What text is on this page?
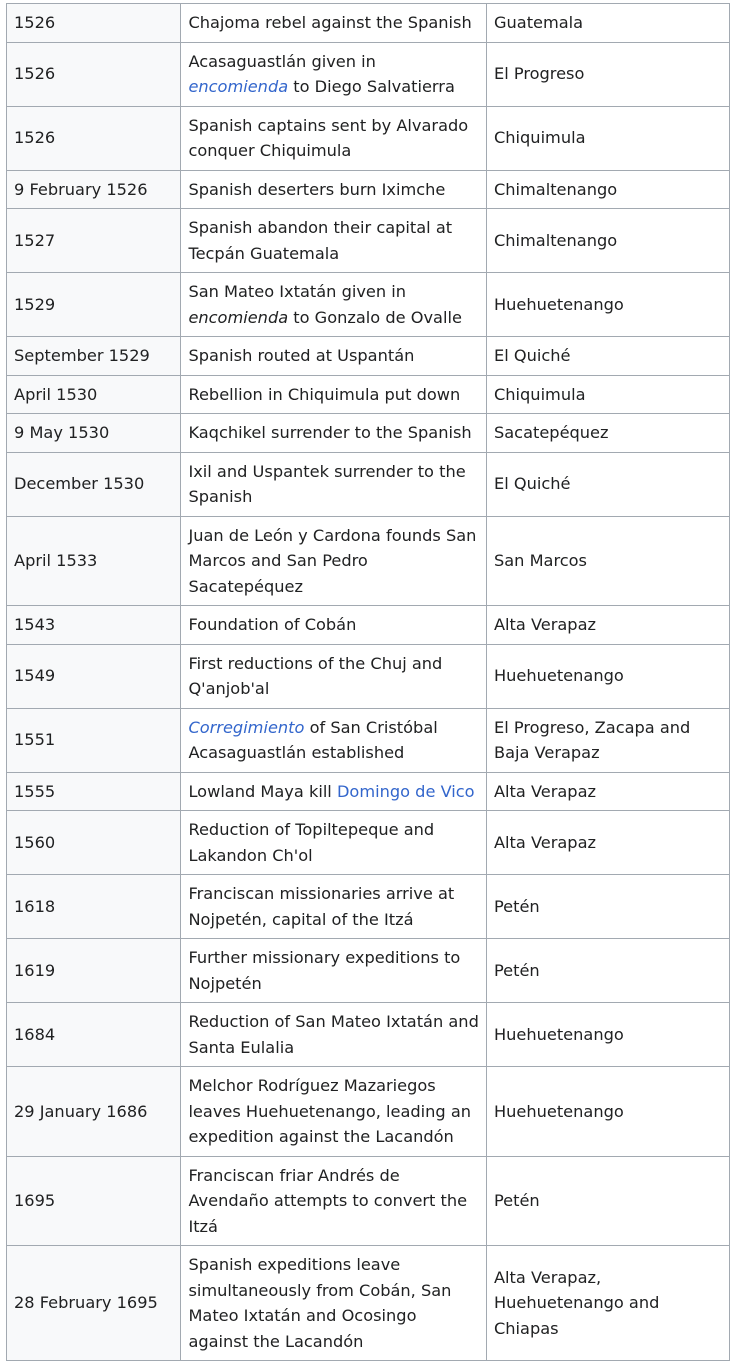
1526	Chajoma rebel against the Spanish	Guatemala
1526	Acasaguastlán given in encomienda to Diego Salvatierra	El Progreso
1526	Spanish captains sent by Alvarado conquer Chiquimula	Chiquimula
9 February 1526	Spanish deserters burn Iximche	Chimaltenango
1527	Spanish abandon their capital at Tecpán Guatemala	Chimaltenango
1529	San Mateo Ixtatán given in encomienda to Gonzalo de Ovalle	Huehuetenango
September 1529	Spanish routed at Uspantán	El Quiché
April 1530	Rebellion in Chiquimula put down	Chiquimula
9 May 1530	Kaqchikel surrender to the Spanish	Sacatepéquez
December 1530	Ixil and Uspantek surrender to the Spanish	El Quiché
April 1533	Juan de León y Cardona founds San Marcos and San Pedro Sacatepéquez	San Marcos
1543	Foundation of Cobán	Alta Verapaz
1549	First reductions of the Chuj and Q'anjob'al	Huehuetenango
1551	Corregimiento of San Cristóbal Acasaguastlán established	El Progreso, Zacapa and Baja Verapaz
1555	Lowland Maya kill Domingo de Vico	Alta Verapaz
1560	Reduction of Topiltepeque and Lakandon Ch'ol	Alta Verapaz
1618	Franciscan missionaries arrive at Nojpetén, capital of the Itzá	Petén
1619	Further missionary expeditions to Nojpetén	Petén
1684	Reduction of San Mateo Ixtatán and Santa Eulalia	Huehuetenango
29 January 1686	Melchor Rodríguez Mazariegos leaves Huehuetenango, leading an expedition against the Lacandón	Huehuetenango
1695	Franciscan friar Andrés de Avendaño attempts to convert the Itzá	Petén
28 February 1695	Spanish expeditions leave simultaneously from Cobán, San Mateo Ixtatán and Ocosingo against the Lacandón	Alta Verapaz, Huehuetenango and Chiapas
